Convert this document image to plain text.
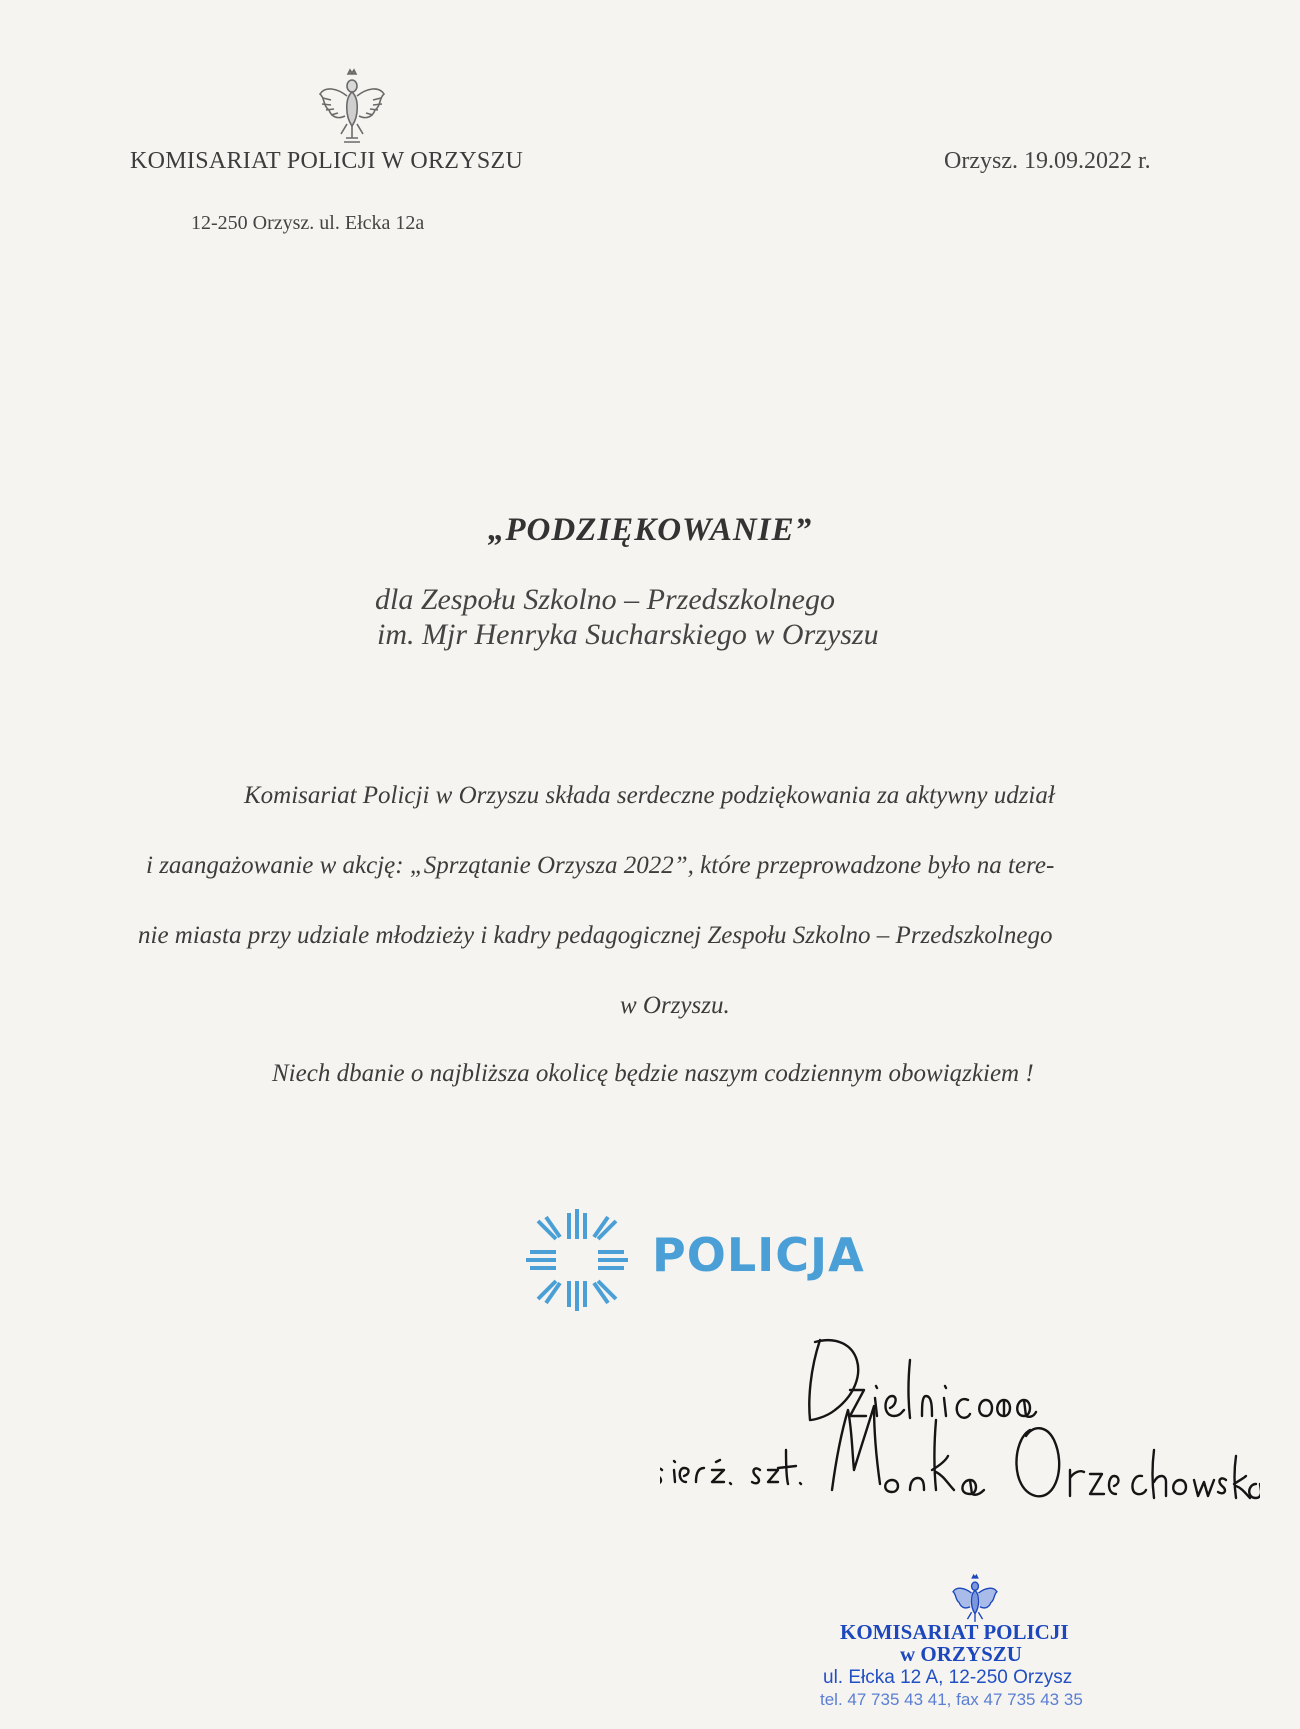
KOMISARIAT POLICJI W ORZYSZU
12-250 Orzysz. ul. Ełcka 12a
Orzysz. 19.09.2022 r.
„PODZIĘKOWANIE”
dla Zespołu Szkolno – Przedszkolnego
im. Mjr Henryka Sucharskiego w Orzyszu
Komisariat Policji w Orzyszu składa serdeczne podziękowania za aktywny udział
i zaangażowanie w akcję: „Sprzątanie Orzysza 2022”, które przeprowadzone było na tere-
nie miasta przy udziale młodzieży i kadry pedagogicznej Zespołu Szkolno – Przedszkolnego
w Orzyszu.
Niech dbanie o najbliższa okolicę będzie naszym codziennym obowiązkiem !
POLICJA
KOMISARIAT POLICJI
w ORZYSZU
ul. Ełcka 12 A, 12-250 Orzysz
tel. 47 735 43 41, fax 47 735 43 35
